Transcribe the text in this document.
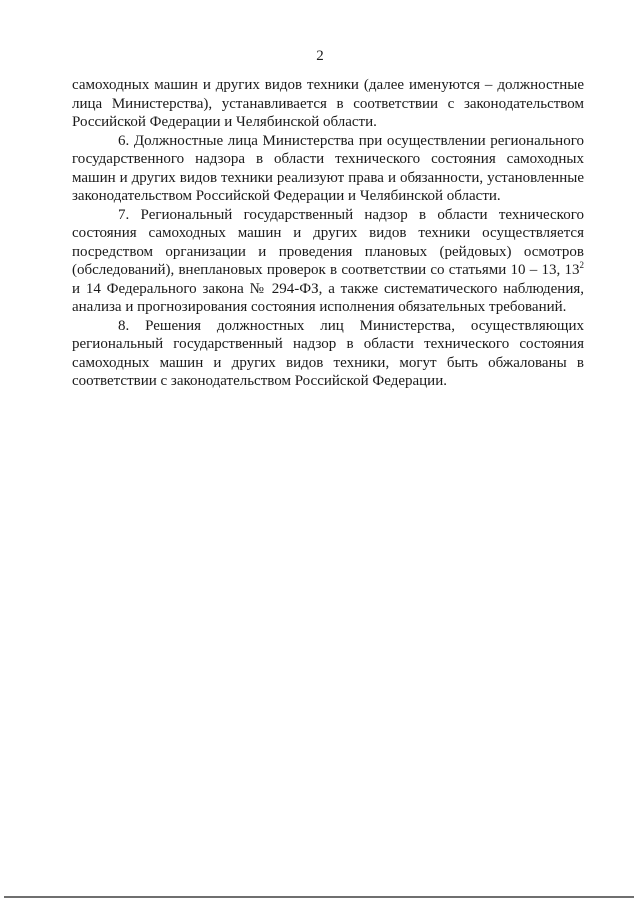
2
самоходных машин и других видов техники (далее именуются – должностные
лица Министерства), устанавливается в соответствии с законодательством
Российской Федерации и Челябинской области.
6. Должностные лица Министерства при осуществлении регионального
государственного надзора в области технического состояния самоходных
машин и других видов техники реализуют права и обязанности, установленные
законодательством Российской Федерации и Челябинской области.
7. Региональный государственный надзор в области технического
состояния самоходных машин и других видов техники осуществляется
посредством организации и проведения плановых (рейдовых) осмотров
(обследований), внеплановых проверок в соответствии со статьями 10 – 13, $13^2$
и 14 Федерального закона № 294-ФЗ, а также систематического наблюдения,
анализа и прогнозирования состояния исполнения обязательных требований.
8. Решения должностных лиц Министерства, осуществляющих
региональный государственный надзор в области технического состояния
самоходных машин и других видов техники, могут быть обжалованы в
соответствии с законодательством Российской Федерации.
